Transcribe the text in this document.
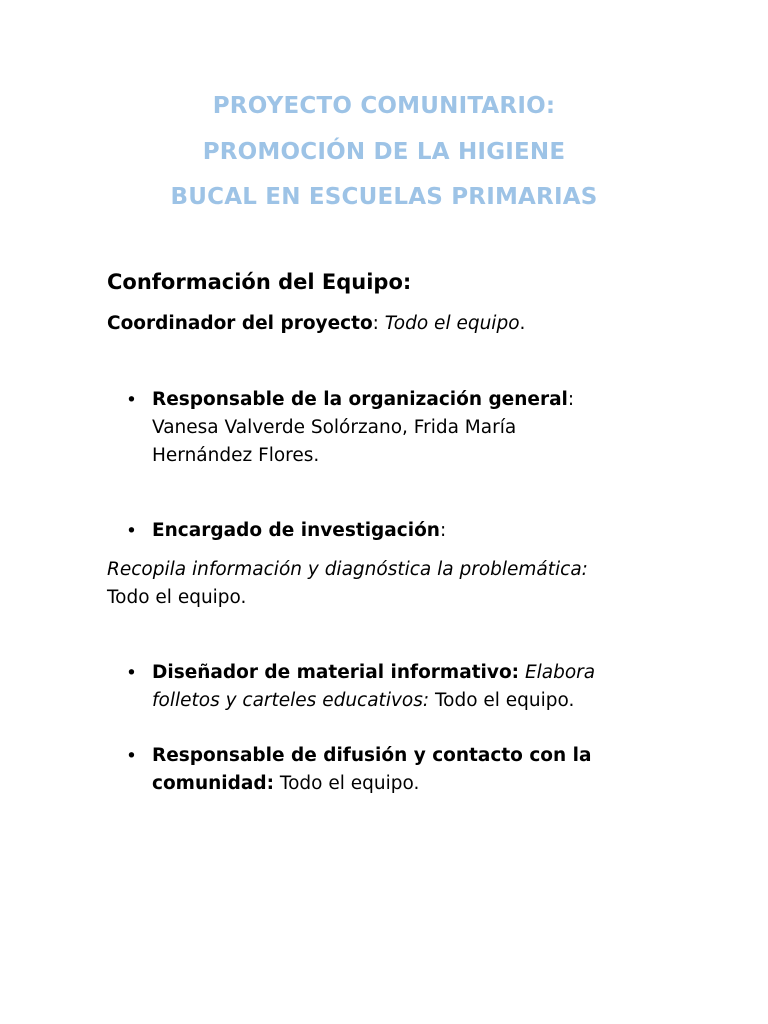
PROYECTO COMUNITARIO:
PROMOCIÓN DE LA HIGIENE
BUCAL EN ESCUELAS PRIMARIAS
Conformación del Equipo:
Coordinador del proyecto: Todo el equipo.
• Responsable de la organización general:
Vanesa Valverde Solórzano, Frida María
Hernández Flores.
• Encargado de investigación:
Recopila información y diagnóstica la problemática:
Todo el equipo.
• Diseñador de material informativo: Elabora
folletos y carteles educativos: Todo el equipo.
• Responsable de difusión y contacto con la
comunidad: Todo el equipo.
